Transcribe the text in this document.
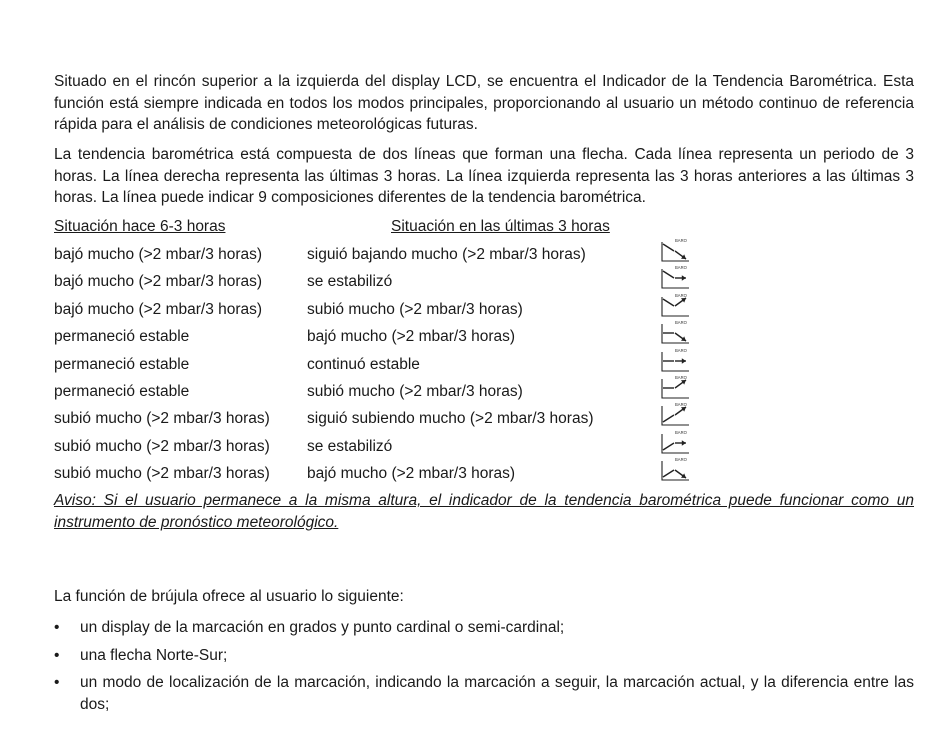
Situado en el rincón superior a la izquierda del display LCD, se encuentra el Indicador de la Tendencia Barométrica. Esta función está siempre indicada en todos los modos principales, proporcionando al usuario un método continuo de referencia rápida para el análisis de condiciones meteorológicas futuras.

La tendencia barométrica está compuesta de dos líneas que forman una flecha. Cada línea representa un periodo de 3 horas. La línea derecha representa las últimas 3 horas. La línea izquierda representa las 3 horas anteriores a las últimas 3 horas. La línea puede indicar 9 composiciones diferentes de la tendencia barométrica.

Situación hace 6-3 horas	Situación en las últimas 3 horas
bajó mucho (>2 mbar/3 horas)	siguió bajando mucho (>2 mbar/3 horas)
BARO
bajó mucho (>2 mbar/3 horas)	se estabilizó
BARO
bajó mucho (>2 mbar/3 horas)	subió mucho (>2 mbar/3 horas)
BARO
permaneció estable	bajó mucho (>2 mbar/3 horas)
BARO
permaneció estable	continuó estable
BARO
permaneció estable	subió mucho (>2 mbar/3 horas)
BARO
subió mucho (>2 mbar/3 horas) siguió subiendo mucho (>2 mbar/3 horas)
BARO
subió mucho (>2 mbar/3 horas) se estabilizó
BARO
subió mucho (>2 mbar/3 horas) bajó mucho (>2 mbar/3 horas)
BARO

Aviso: Si el usuario permanece a la misma altura, el indicador de la tendencia barométrica puede funcionar como un instrumento de pronóstico meteorológico.

La función de brújula ofrece al usuario lo siguiente:

• un display de la marcación en grados y punto cardinal o semi-cardinal;
• una flecha Norte-Sur;
• un modo de localización de la marcación, indicando la marcación a seguir, la marcación actual, y la diferencia entre las dos;
